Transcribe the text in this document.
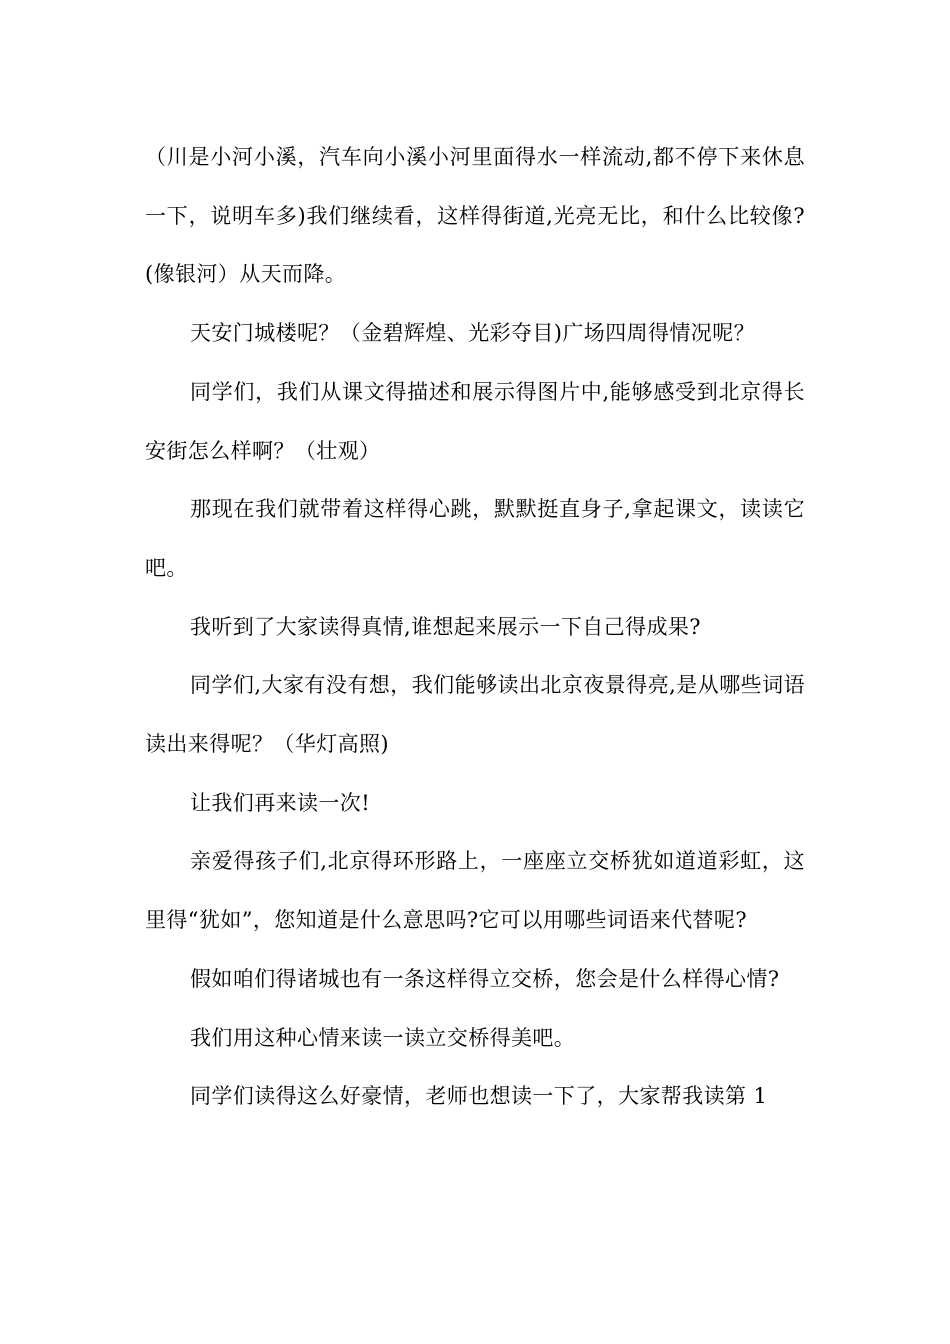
（川是小河小溪，汽车向小溪小河里面得水一样流动,都不停下来休息一下，说明车多)我们继续看，这样得街道,光亮无比，和什么比较像?(像银河）从天而降。

天安门城楼呢？（金碧辉煌、光彩夺目)广场四周得情况呢？

同学们，我们从课文得描述和展示得图片中,能够感受到北京得长安街怎么样啊？（壮观）

那现在我们就带着这样得心跳，默默挺直身子,拿起课文，读读它吧。

我听到了大家读得真情,谁想起来展示一下自己得成果?

同学们,大家有没有想，我们能够读出北京夜景得亮,是从哪些词语读出来得呢？（华灯高照)

让我们再来读一次!

亲爱得孩子们,北京得环形路上，一座座立交桥犹如道道彩虹，这里得“犹如”，您知道是什么意思吗?它可以用哪些词语来代替呢?

假如咱们得诸城也有一条这样得立交桥，您会是什么样得心情?

我们用这种心情来读一读立交桥得美吧。

同学们读得这么好豪情，老师也想读一下了，大家帮我读第 1
